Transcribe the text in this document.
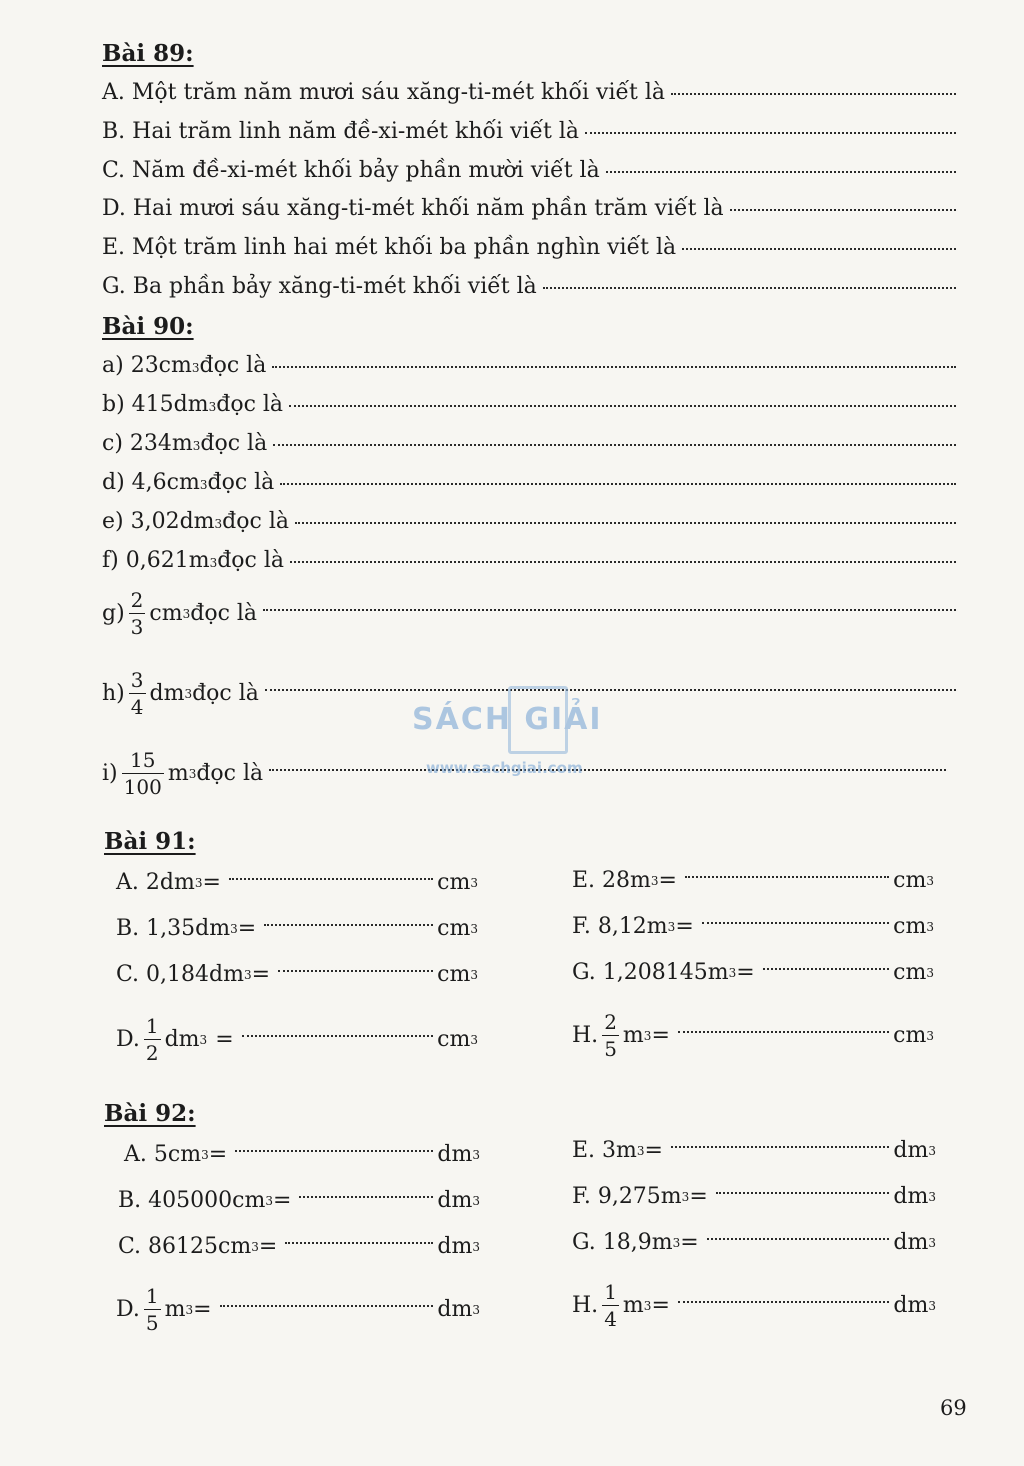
Bài 89:
A. Một trăm năm mươi sáu xăng-ti-mét khối viết là
B. Hai trăm linh năm đề-xi-mét khối viết là
C. Năm đề-xi-mét khối bảy phần mười viết là
D. Hai mươi sáu xăng-ti-mét khối năm phần trăm viết là
E. Một trăm linh hai mét khối ba phần nghìn viết là
G. Ba phần bảy xăng-ti-mét khối viết là
Bài 90:
a) 23cm 3 đọc là
b) 415dm 3 đọc là
c) 234m 3 đọc là
d) 4,6cm 3 đọc là
e) 3,02dm 3 đọc là
f) 0,621m 3 đọc là
$g) \frac{2}{3}$ cm 3 đọc là
$h) \frac{3}{4}$ dm 3 đọc là
$i) \frac{15}{100}$ m 3 đọc là
Bài 91:
A. 2dm 3 =	cm 3
B. 1,35dm 3 =	cm 3
C. 0,184dm 3 =	cm 3
D. $\frac{1}{2}$ dm 3 =	cm 3
E. 28m 3 =	cm 3
F. 8,12m 3 =	cm 3
G. 1,208145m 3 =	cm 3
H. $\frac{2}{5}$ m 3 =	cm 3
Bài 92:
A. 5cm 3 =	dm 3
B. 405000cm 3 =	dm 3
C. 86125cm 3 =	dm 3
D. $\frac{1}{5}$ m 3 =	dm 3
E. 3m 3 =	dm 3
F. 9,275m 3 =	dm 3
G. 18,9m 3 =	dm 3
H. $\frac{1}{4}$ m 3 =	dm 3
SÁCH GIẢI
www.sachgiai.com
69
